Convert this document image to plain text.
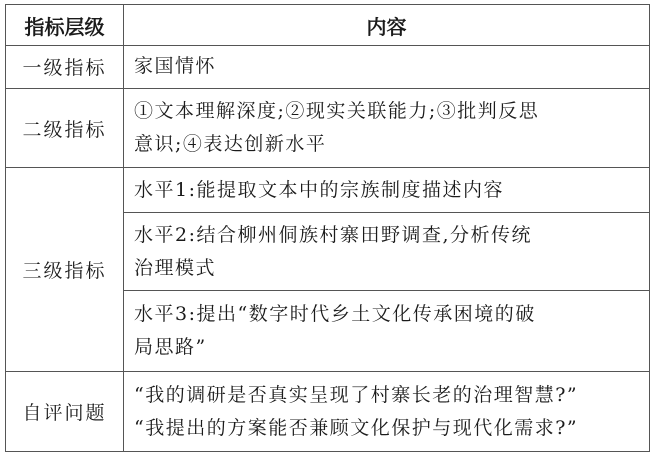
指标层级	内容
一级指标	家国情怀

二级指标	①文本理解深度;②现实关联能力;③批判反思
意识;④表达创新水平

三级指标	水平1:能提取文本中的宗族制度描述内容

	水平2:结合柳州侗族村寨田野调查,分析传统
治理模式

	水平3:提出“数字时代乡土文化传承困境的破
局思路”

自评问题	“我的调研是否真实呈现了村寨长老的治理智慧?”
“我提出的方案能否兼顾文化保护与现代化需求?”
